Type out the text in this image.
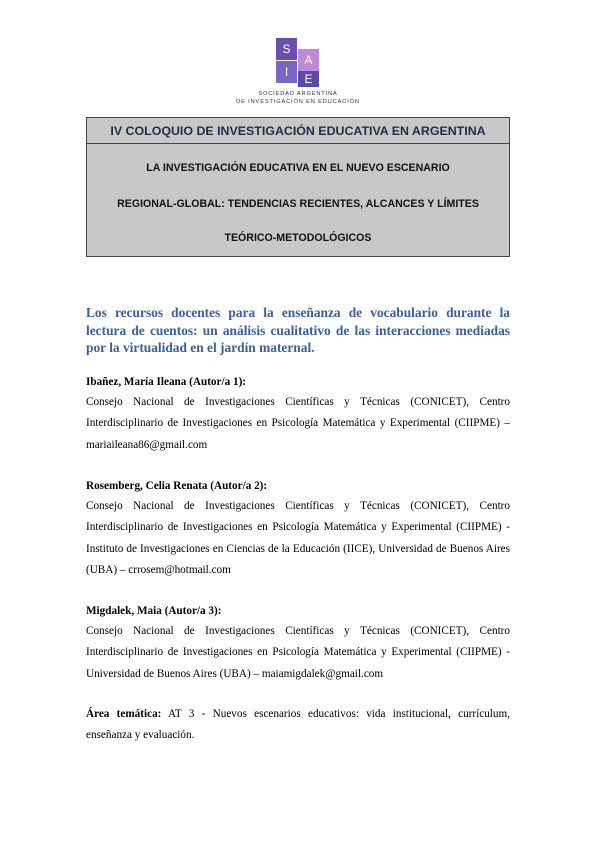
S
A
I	E
SOCIEDAD ARGENTINA
DE INVESTIGACIÓN EN EDUCACIÓN
IV COLOQUIO DE INVESTIGACIÓN EDUCATIVA EN ARGENTINA
LA INVESTIGACIÓN EDUCATIVA EN EL NUEVO ESCENARIO
REGIONAL-GLOBAL: TENDENCIAS RECIENTES, ALCANCES Y LÍMITES
TEÓRICO-METODOLÓGICOS
Los recursos docentes para la enseñanza de vocabulario durante la lectura de cuentos: un análisis cualitativo de las interacciones mediadas por la virtualidad en el jardín maternal.
Ibañez, María Ileana (Autor/a 1):
Consejo Nacional de Investigaciones Científicas y Técnicas (CONICET), Centro Interdisciplinario de Investigaciones en Psicología Matemática y Experimental (CIIPME) – mariaileana86@gmail.com
Rosemberg, Celia Renata (Autor/a 2):
Consejo Nacional de Investigaciones Científicas y Técnicas (CONICET), Centro Interdisciplinario de Investigaciones en Psicología Matemática y Experimental (CIIPME) - Instituto de Investigaciones en Ciencias de la Educación (IICE), Universidad de Buenos Aires (UBA) – crrosem@hotmail.com
Migdalek, Maia (Autor/a 3):
Consejo Nacional de Investigaciones Científicas y Técnicas (CONICET), Centro Interdisciplinario de Investigaciones en Psicología Matemática y Experimental (CIIPME) - Universidad de Buenos Aires (UBA) – maiamigdalek@gmail.com
Área temática: AT 3 - Nuevos escenarios educativos: vida institucional, currículum, enseñanza y evaluación.
